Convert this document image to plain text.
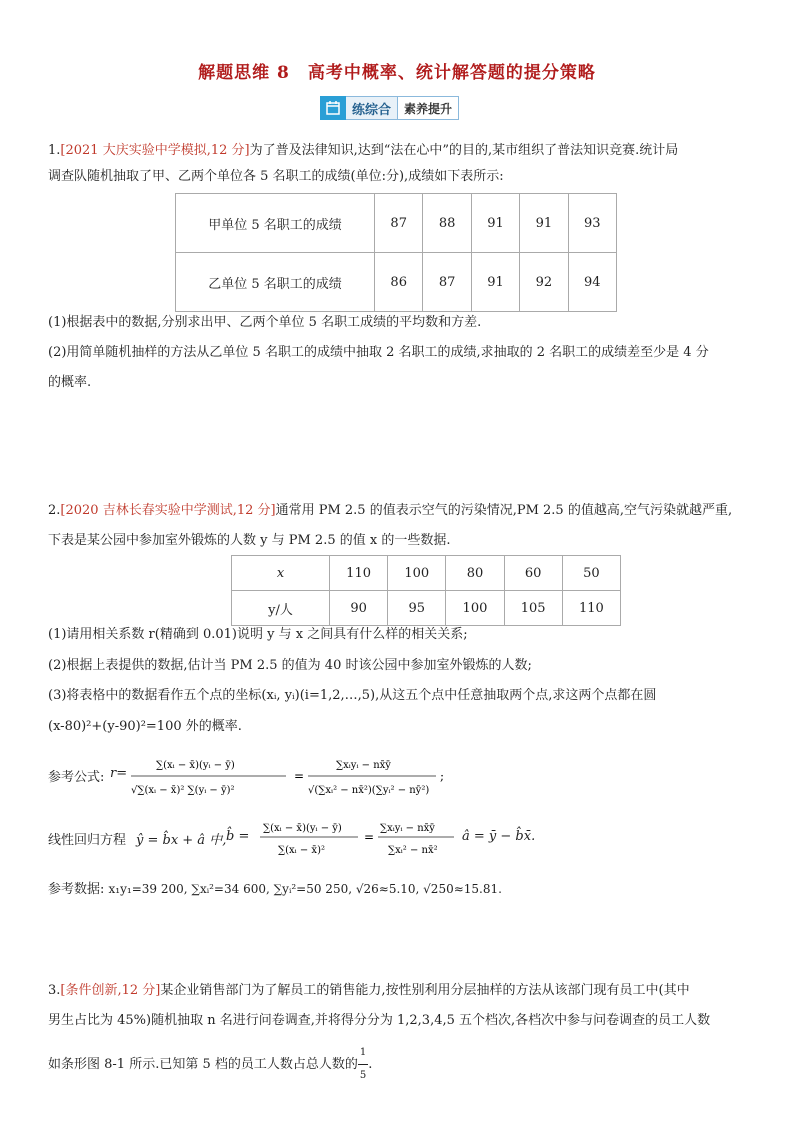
解题思维 8　高考中概率、统计解答题的提分策略
练综合	素养提升
1.[2021 大庆实验中学模拟,12 分]为了普及法律知识,达到“法在心中”的目的,某市组织了普法知识竞赛.统计局
调查队随机抽取了甲、乙两个单位各 5 名职工的成绩(单位:分),成绩如下表所示:
甲单位 5 名职工的成绩	87	88	91	91	93
乙单位 5 名职工的成绩	86	87	91	92	94
(1)根据表中的数据,分别求出甲、乙两个单位 5 名职工成绩的平均数和方差.
(2)用简单随机抽样的方法从乙单位 5 名职工的成绩中抽取 2 名职工的成绩,求抽取的 2 名职工的成绩差至少是 4 分
的概率.
2.[2020 吉林长春实验中学测试,12 分]通常用 PM 2.5 的值表示空气的污染情况,PM 2.5 的值越高,空气污染就越严重,
下表是某公园中参加室外锻炼的人数 y 与 PM 2.5 的值 x 的一些数据.
x	110	100	80	60	50
y/人	90	95	100	105	110
(1)请用相关系数 r(精确到 0.01)说明 y 与 x 之间具有什么样的相关关系;
(2)根据上表提供的数据,估计当 PM 2.5 的值为 40 时该公园中参加室外锻炼的人数;
(3)将表格中的数据看作五个点的坐标(xᵢ, yᵢ)(i=1,2,…,5),从这五个点中任意抽取两个点,求这两个点都在圆
(x-80)²+(y-90)²=100 外的概率.
参考公式: r=
∑(xᵢ − x̄)(yᵢ − ȳ)
√∑(xᵢ − x̄)² ∑(yᵢ − ȳ)²
=
∑xᵢyᵢ − nx̄ȳ
√(∑xᵢ² − nx̄²)(∑yᵢ² − nȳ²)
;
线性回归方程 ŷ = b̂x + â 中, b̂ =
∑(xᵢ − x̄)(yᵢ − ȳ)
∑(xᵢ − x̄)²
=
∑xᵢyᵢ − nx̄ȳ
∑xᵢ² − nx̄²
â = ȳ − b̂x̄.
参考数据: x₁y₁=39 200, ∑xᵢ²=34 600, ∑yᵢ²=50 250, √26≈5.10, √250≈15.81.
3.[条件创新,12 分]某企业销售部门为了解员工的销售能力,按性别利用分层抽样的方法从该部门现有员工中(其中
男生占比为 45%)随机抽取 n 名进行问卷调查,并将得分分为 1,2,3,4,5 五个档次,各档次中参与问卷调查的员工人数
如条形图 8-1 所示.已知第 5 档的员工人数占总人数的 $\frac{1}{5}$ .
